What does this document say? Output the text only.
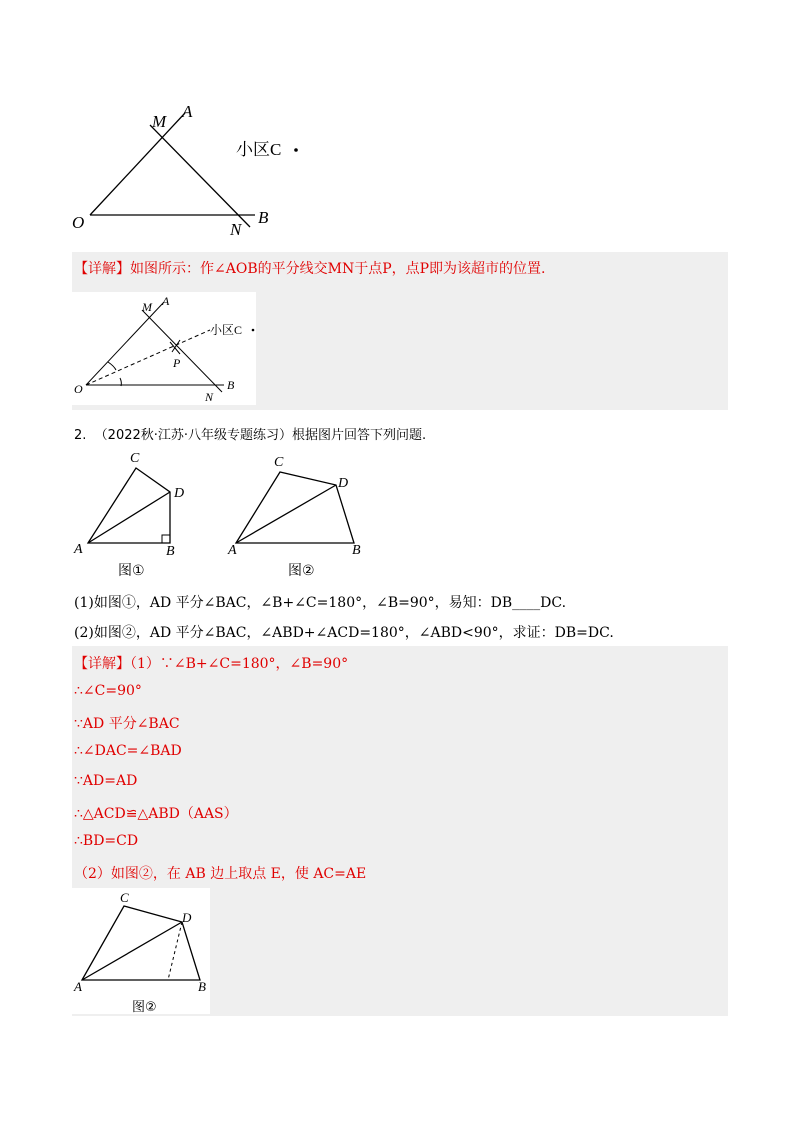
M
A
O	N
B
小区C
【详解】如图所示：作∠AOB的平分线交MN于点P，点P即为该超市的位置.
M A
P
O	B
N
小区C
2. （2022秋·江苏·八年级专题练习）根据图片回答下列问题.
C
D
A	B
图①
C
D
A	B
图②
(1)如图①，AD 平分∠BAC，∠B+∠C=180°，∠B=90°，易知：DB____DC.
(2)如图②，AD 平分∠BAC，∠ABD+∠ACD=180°，∠ABD<90°，求证：DB=DC.
【详解】（1）∵∠B+∠C=180°，∠B=90°
∴∠C=90°
∵AD 平分∠BAC
∴∠DAC=∠BAD
∵AD=AD
∴△ACD≌△ABD（AAS）
∴BD=CD
（2）如图②，在 AB 边上取点 E，使 AC=AE
C
D
A	B
图②
